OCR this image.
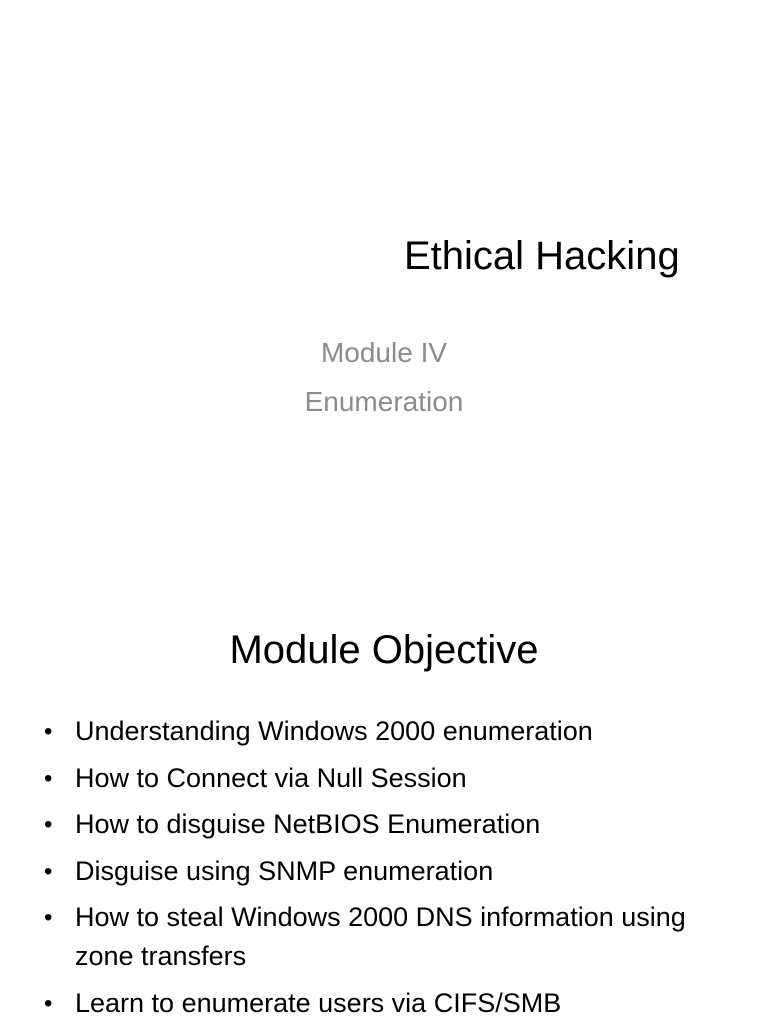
Ethical Hacking
Module IV
Enumeration
Module Objective
• Understanding Windows 2000 enumeration
• How to Connect via Null Session
• How to disguise NetBIOS Enumeration
• Disguise using SNMP enumeration
• How to steal Windows 2000 DNS information using zone transfers
• Learn to enumerate users via CIFS/SMB
